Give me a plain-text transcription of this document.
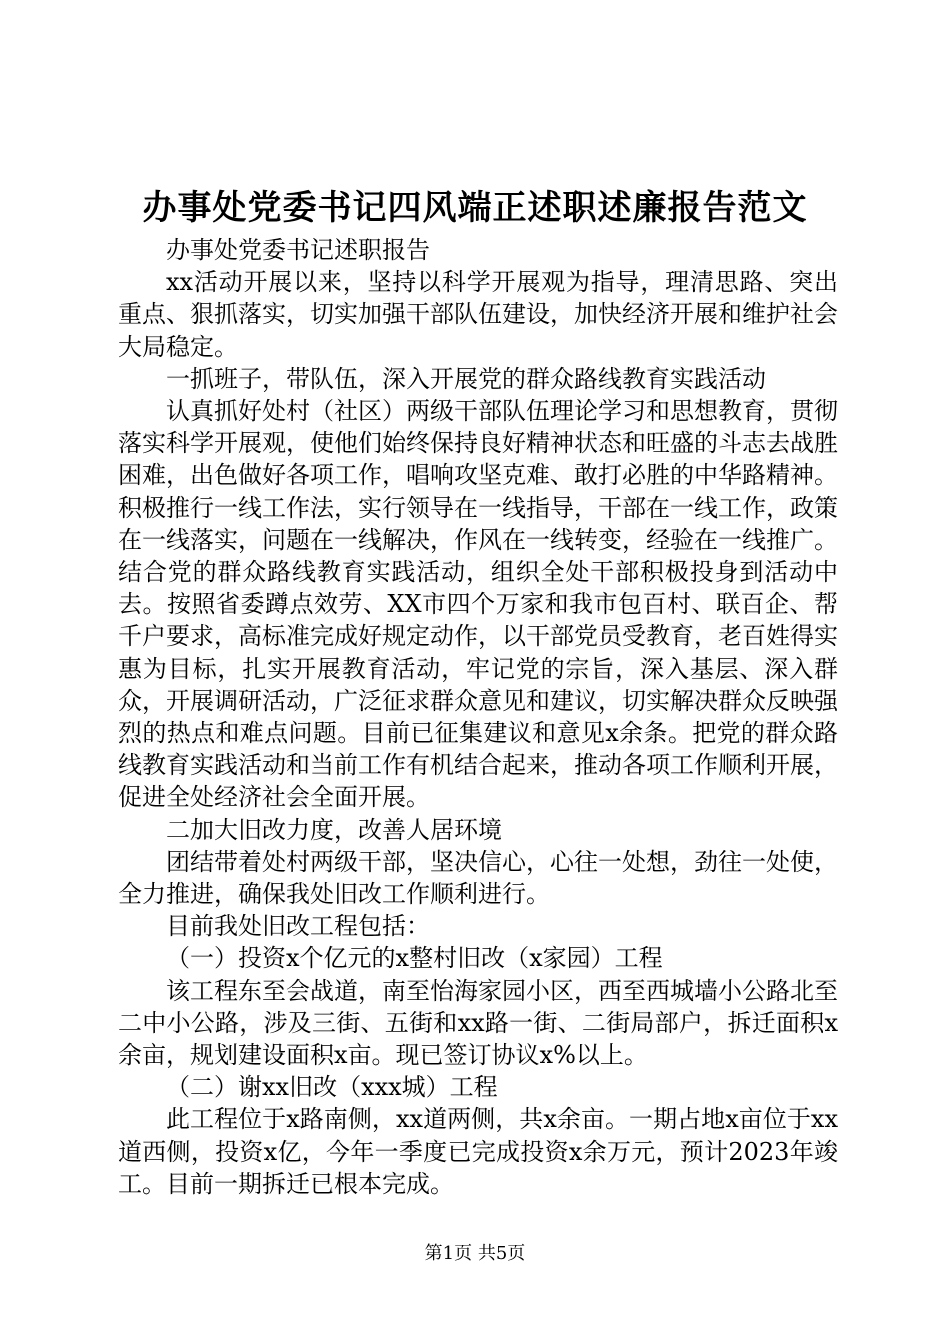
办事处党委书记四风端正述职述廉报告范文

办事处党委书记述职报告

xx活动开展以来，坚持以科学开展观为指导，理清思路、突出重点、狠抓落实，切实加强干部队伍建设，加快经济开展和维护社会大局稳定。

一抓班子，带队伍，深入开展党的群众路线教育实践活动

认真抓好处村（社区）两级干部队伍理论学习和思想教育，贯彻落实科学开展观，使他们始终保持良好精神状态和旺盛的斗志去战胜困难，出色做好各项工作，唱响攻坚克难、敢打必胜的中华路精神。积极推行一线工作法，实行领导在一线指导，干部在一线工作，政策在一线落实，问题在一线解决，作风在一线转变，经验在一线推广。结合党的群众路线教育实践活动，组织全处干部积极投身到活动中去。按照省委蹲点效劳、XX市四个万家和我市包百村、联百企、帮千户要求，高标准完成好规定动作，以干部党员受教育，老百姓得实惠为目标，扎实开展教育活动，牢记党的宗旨，深入基层、深入群众，开展调研活动，广泛征求群众意见和建议，切实解决群众反映强烈的热点和难点问题。目前已征集建议和意见x余条。把党的群众路线教育实践活动和当前工作有机结合起来，推动各项工作顺利开展，促进全处经济社会全面开展。

二加大旧改力度，改善人居环境

团结带着处村两级干部，坚决信心，心往一处想，劲往一处使，全力推进，确保我处旧改工作顺利进行。

目前我处旧改工程包括：

（一）投资x个亿元的x整村旧改（x家园）工程

该工程东至会战道，南至怡海家园小区，西至西城墙小公路北至二中小公路，涉及三街、五街和xx路一街、二街局部户，拆迁面积x余亩，规划建设面积x亩。现已签订协议x%以上。

（二）谢xx旧改（xxx城）工程

此工程位于x路南侧，xx道两侧，共x余亩。一期占地x亩位于xx道西侧，投资x亿，今年一季度已完成投资x余万元，预计2023年竣工。目前一期拆迁已根本完成。

第1页 共5页
